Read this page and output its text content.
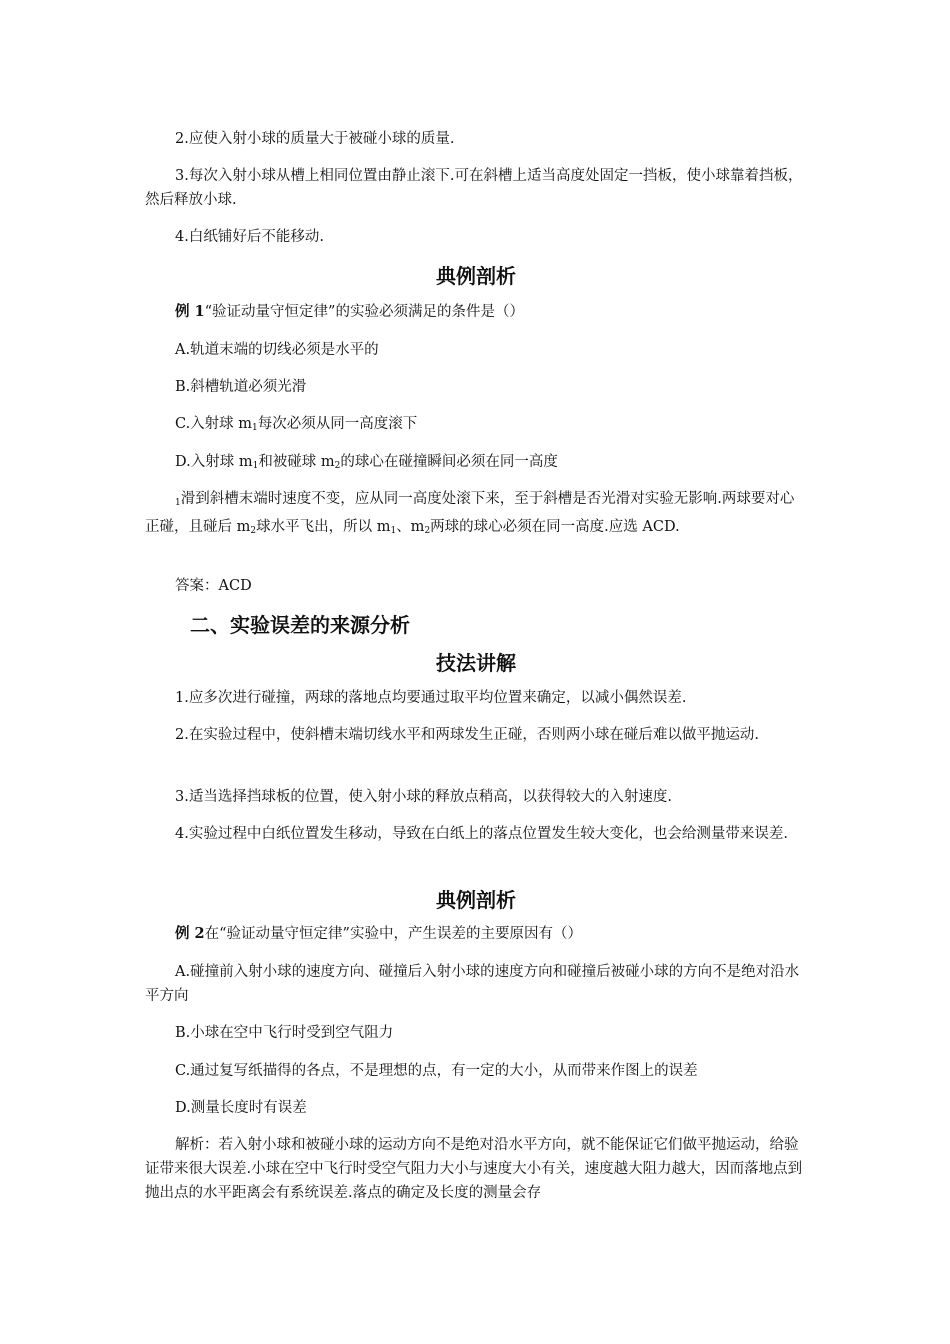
2.应使入射小球的质量大于被碰小球的质量.

3.每次入射小球从槽上相同位置由静止滚下.可在斜槽上适当高度处固定一挡板，使小球靠着挡板，然后释放小球.

4.白纸铺好后不能移动.

典例剖析

例 1“验证动量守恒定律”的实验必须满足的条件是（）

A.轨道末端的切线必须是水平的

B.斜槽轨道必须光滑

C.入射球 $m_1$每次必须从同一高度滚下

D.入射球 $m_1$和被碰球 $m_2$的球心在碰撞瞬间必须在同一高度

$_1$滑到斜槽末端时速度不变，应从同一高度处滚下来，至于斜槽是否光滑对实验无影响.两球要对心正碰，且碰后 $m_2$球水平飞出，所以 $m_1$、$m_2$两球的球心必须在同一高度.应选 ACD.

答案：ACD

二、实验误差的来源分析
技法讲解

1.应多次进行碰撞，两球的落地点均要通过取平均位置来确定，以减小偶然误差.

2.在实验过程中，使斜槽末端切线水平和两球发生正碰，否则两小球在碰后难以做平抛运动.

3.适当选择挡球板的位置，使入射小球的释放点稍高，以获得较大的入射速度.

4.实验过程中白纸位置发生移动，导致在白纸上的落点位置发生较大变化，也会给测量带来误差.

典例剖析

例 2在“验证动量守恒定律”实验中，产生误差的主要原因有（）

A.碰撞前入射小球的速度方向、碰撞后入射小球的速度方向和碰撞后被碰小球的方向不是绝对沿水平方向

B.小球在空中飞行时受到空气阻力

C.通过复写纸描得的各点，不是理想的点，有一定的大小，从而带来作图上的误差

D.测量长度时有误差

解析：若入射小球和被碰小球的运动方向不是绝对沿水平方向，就不能保证它们做平抛运动，给验证带来很大误差.小球在空中飞行时受空气阻力大小与速度大小有关，速度越大阻力越大，因而落地点到抛出点的水平距离会有系统误差.落点的确定及长度的测量会存
